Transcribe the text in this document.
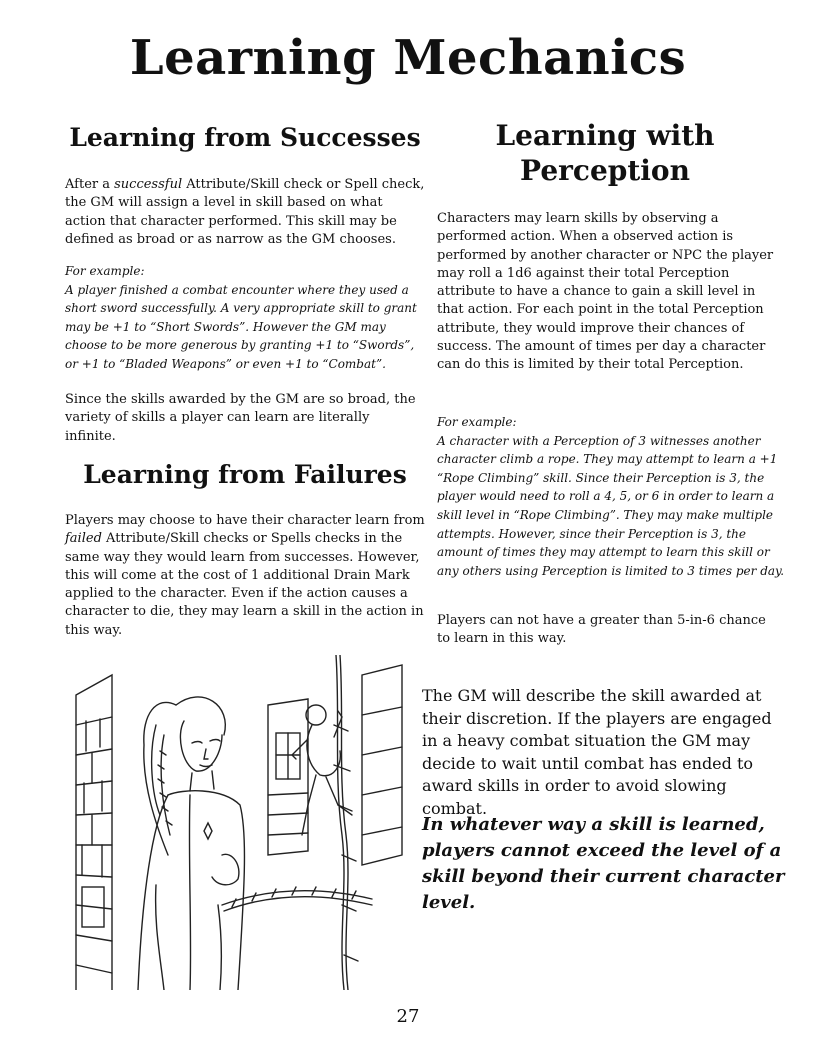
Learning Mechanics
Learning from Successes

After a successful Attribute/Skill check or Spell check, the GM will assign a level in skill based on what action that character performed. This skill may be defined as broad or as narrow as the GM chooses.

For example:
A player finished a combat encounter where they used a short sword successfully. A very appropriate skill to grant may be +1 to “Short Swords”. However the GM may choose to be more generous by granting +1 to “Swords”, or +1 to “Bladed Weapons” or even +1 to “Combat”.

Since the skills awarded by the GM are so broad, the variety of skills a player can learn are literally infinite.

Learning from Failures

Players may choose to have their character learn from failed Attribute/Skill checks or Spells checks in the same way they would learn from successes. However, this will come at the cost of 1 additional Drain Mark applied to the character. Even if the action causes a character to die, they may learn a skill in the action in this way.

Learning with Perception

Characters may learn skills by observing a performed action. When a observed action is performed by another character or NPC the player may roll a 1d6 against their total Perception attribute to have a chance to gain a skill level in that action. For each point in the total Perception attribute, they would improve their chances of success. The amount of times per day a character can do this is limited by their total Perception.

For example:
A character with a Perception of 3 witnesses another character climb a rope. They may attempt to learn a +1 “Rope Climbing” skill. Since their Perception is 3, the player would need to roll a 4, 5, or 6 in order to learn a skill level in “Rope Climbing”. They may make multiple attempts. However, since their Perception is 3, the amount of times they may attempt to learn this skill or any others using Perception is limited to 3 times per day.

Players can not have a greater than 5-in-6 chance to learn in this way.

The GM will describe the skill awarded at their discretion. If the players are engaged in a heavy combat situation the GM may decide to wait until combat has ended to award skills in order to avoid slowing combat.

In whatever way a skill is learned, players cannot exceed the level of a skill beyond their current character level.

27
